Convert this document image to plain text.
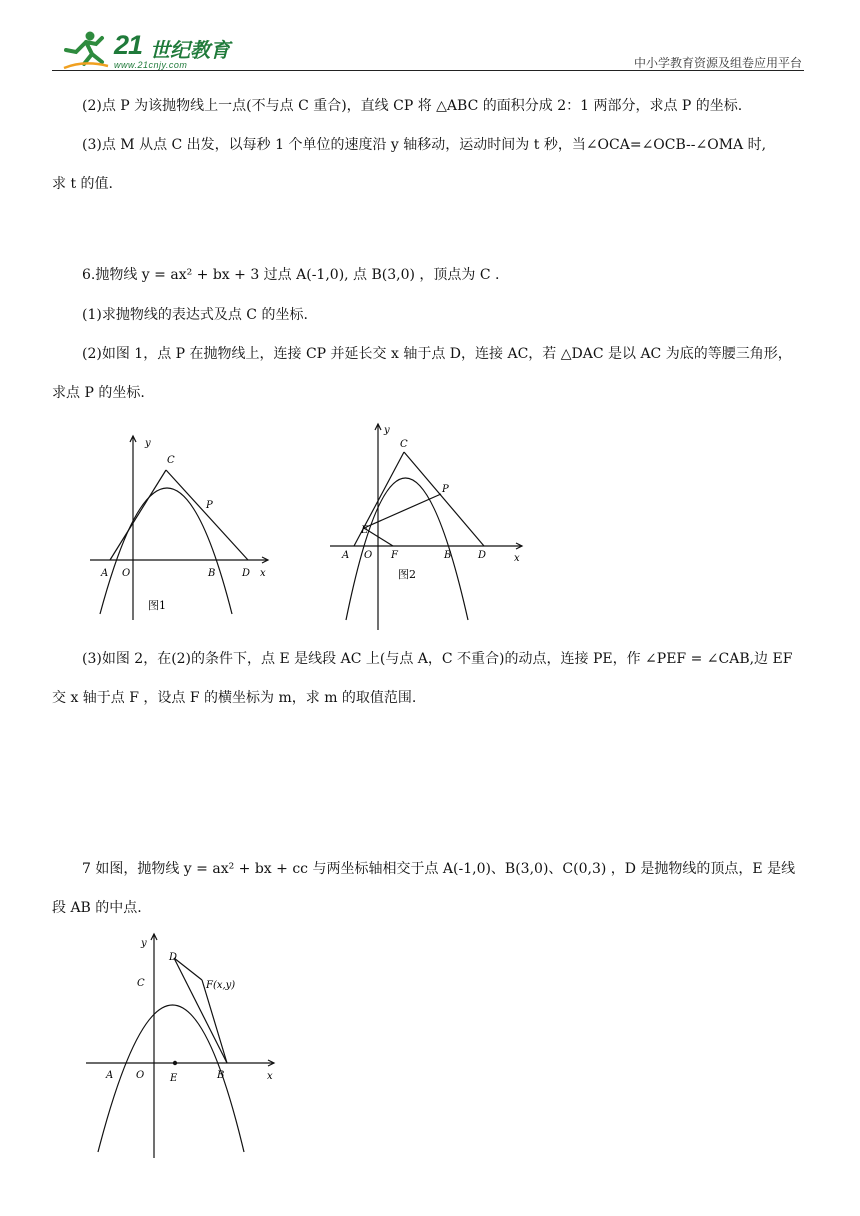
21 世纪教育
www.21cnjy.com	中小学教育资源及组卷应用平台
(2)点 P 为该抛物线上一点(不与点 C 重合)，直线 CP 将 △ABC 的面积分成 2：1 两部分，求点 P 的坐标.
(3)点 M 从点 C 出发，以每秒 1 个单位的速度沿 y 轴移动，运动时间为 t 秒，当∠OCA=∠OCB--∠OMA 时,
求 t 的值.
6.抛物线 y = ax² + bx + 3 过点 A(-1,0), 点 B(3,0) ，顶点为 C .
(1)求抛物线的表达式及点 C 的坐标.
(2)如图 1，点 P 在抛物线上，连接 CP 并延长交 x 轴于点 D，连接 AC，若 △DAC 是以 AC 为底的等腰三角形，
求点 P 的坐标.
y
x
C
P
A O	B	D
图1
y
x
C
P
E
A O F	B	D
图2
(3)如图 2，在(2)的条件下，点 E 是线段 AC 上(与点 A，C 不重合)的动点，连接 PE，作 ∠PEF = ∠CAB,边 EF
交 x 轴于点 F ，设点 F 的横坐标为 m，求 m 的取值范围.
7 如图，抛物线 y = ax² + bx + cc 与两坐标轴相交于点 A(-1,0)、B(3,0)、C(0,3) ，D 是抛物线的顶点，E 是线
段 AB 的中点.
y
x
D
C	F(x,y)
A O	E	B
